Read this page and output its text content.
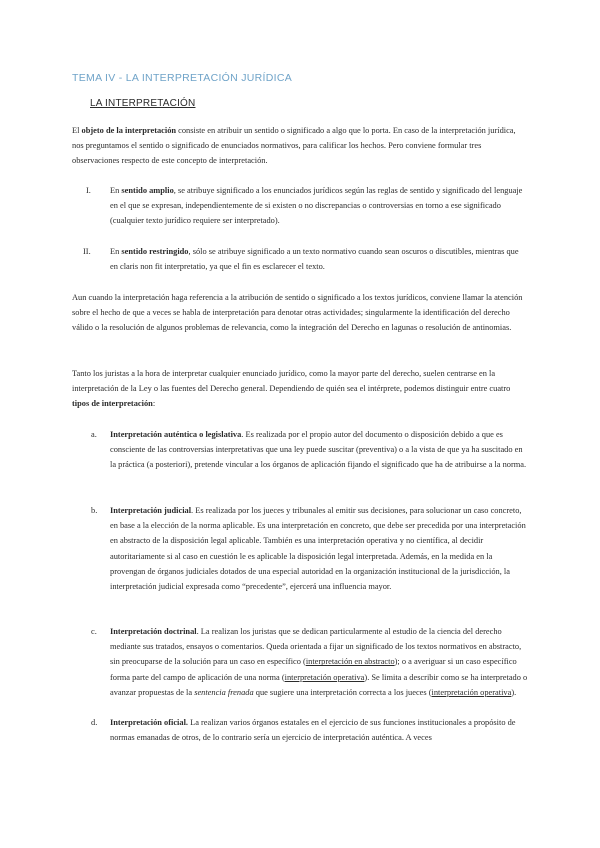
TEMA IV - LA INTERPRETACIÓN JURÍDICA
LA INTERPRETACIÓN

El objeto de la interpretación consiste en atribuir un sentido o significado a algo que lo porta. En caso de la interpretación jurídica, nos preguntamos el sentido o significado de enunciados normativos, para calificar los hechos. Pero conviene formular tres observaciones respecto de este concepto de interpretación.

I. En sentido amplio, se atribuye significado a los enunciados jurídicos según las reglas de sentido y significado del lenguaje en el que se expresan, independientemente de si existen o no discrepancias o controversias en torno a ese significado (cualquier texto jurídico requiere ser interpretado).

II. En sentido restringido, sólo se atribuye significado a un texto normativo cuando sean oscuros o discutibles, mientras que en claris non fit interpretatio, ya que el fin es esclarecer el texto.

Aun cuando la interpretación haga referencia a la atribución de sentido o significado a los textos jurídicos, conviene llamar la atención sobre el hecho de que a veces se habla de interpretación para denotar otras actividades; singularmente la identificación del derecho válido o la resolución de algunos problemas de relevancia, como la integración del Derecho en lagunas o resolución de antinomias.

Tanto los juristas a la hora de interpretar cualquier enunciado jurídico, como la mayor parte del derecho, suelen centrarse en la interpretación de la Ley o las fuentes del Derecho general. Dependiendo de quién sea el intérprete, podemos distinguir entre cuatro tipos de interpretación:

a. Interpretación auténtica o legislativa. Es realizada por el propio autor del documento o disposición debido a que es consciente de las controversias interpretativas que una ley puede suscitar (preventiva) o a la vista de que ya ha suscitado en la práctica (a posteriori), pretende vincular a los órganos de aplicación fijando el significado que ha de atribuirse a la norma.

b. Interpretación judicial. Es realizada por los jueces y tribunales al emitir sus decisiones, para solucionar un caso concreto, en base a la elección de la norma aplicable. Es una interpretación en concreto, que debe ser precedida por una interpretación en abstracto de la disposición legal aplicable. También es una interpretación operativa y no científica, al decidir autoritariamente si al caso en cuestión le es aplicable la disposición legal interpretada. Además, en la medida en la provengan de órganos judiciales dotados de una especial autoridad en la organización institucional de la jurisdicción, la interpretación judicial expresada como “precedente”, ejercerá una influencia mayor.

c. Interpretación doctrinal. La realizan los juristas que se dedican particularmente al estudio de la ciencia del derecho mediante sus tratados, ensayos o comentarios. Queda orientada a fijar un significado de los textos normativos en abstracto, sin preocuparse de la solución para un caso en específico (interpretación en abstracto); o a averiguar si un caso específico forma parte del campo de aplicación de una norma (interpretación operativa). Se limita a describir como se ha interpretado o avanzar propuestas de la sentencia frenada que sugiere una interpretación correcta a los jueces (interpretación operativa).

d. Interpretación oficial. La realizan varios órganos estatales en el ejercicio de sus funciones institucionales a propósito de normas emanadas de otros, de lo contrario sería un ejercicio de interpretación auténtica. A veces
